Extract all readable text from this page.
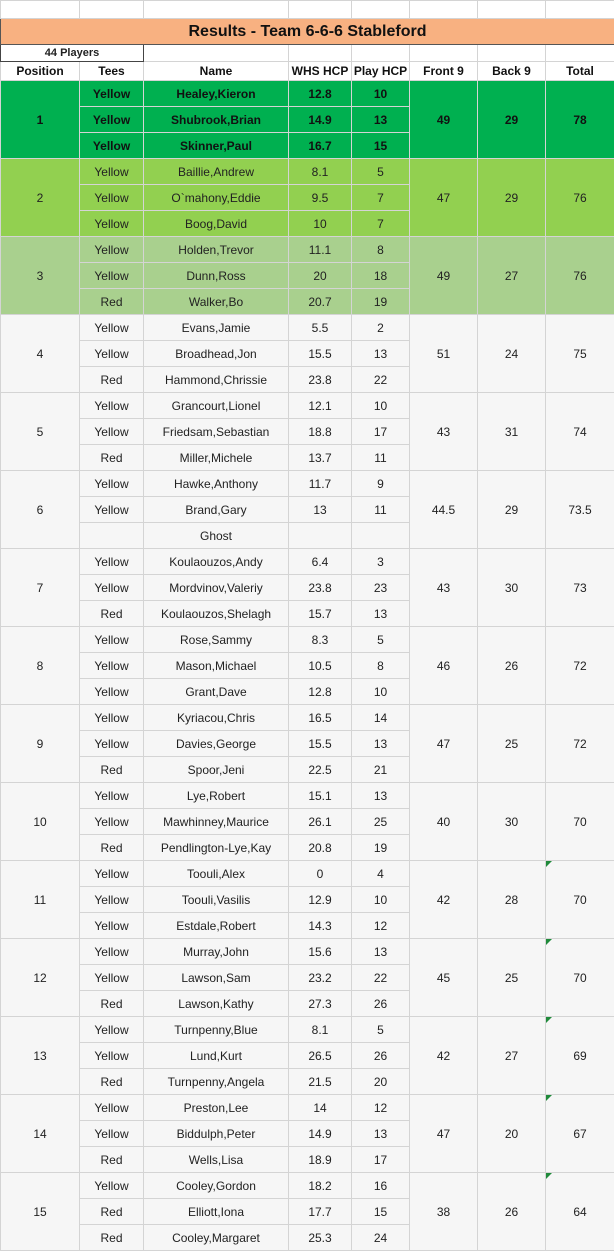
Results - Team 6-6-6 Stableford							
44 Players							
Position	Tees	Name	WHS HCP	Play HCP	Front 9	Back 9	Total
1	Yellow	Healey,Kieron	12.8	10	49	29	78
	Yellow	Shubrook,Brian	14.9	13			
	Yellow	Skinner,Paul	16.7	15			
2	Yellow	Baillie,Andrew	8.1	5	47	29	76
	Yellow	O`mahony,Eddie	9.5	7			
	Yellow	Boog,David	10	7			
3	Yellow	Holden,Trevor	11.1	8	49	27	76
	Yellow	Dunn,Ross	20	18			
	Red	Walker,Bo	20.7	19			
4	Yellow	Evans,Jamie	5.5	2	51	24	75
	Yellow	Broadhead,Jon	15.5	13			
	Red	Hammond,Chrissie	23.8	22			
5	Yellow	Grancourt,Lionel	12.1	10	43	31	74
	Yellow	Friedsam,Sebastian	18.8	17			
	Red	Miller,Michele	13.7	11			
6	Yellow	Hawke,Anthony	11.7	9	44.5	29	73.5
	Yellow	Brand,Gary	13	11			
		Ghost					
7	Yellow	Koulaouzos,Andy	6.4	3	43	30	73
	Yellow	Mordvinov,Valeriy	23.8	23			
	Red	Koulaouzos,Shelagh	15.7	13			
8	Yellow	Rose,Sammy	8.3	5	46	26	72
	Yellow	Mason,Michael	10.5	8			
	Yellow	Grant,Dave	12.8	10			
9	Yellow	Kyriacou,Chris	16.5	14	47	25	72
	Yellow	Davies,George	15.5	13			
	Red	Spoor,Jeni	22.5	21			
10	Yellow	Lye,Robert	15.1	13	40	30	70
	Yellow	Mawhinney,Maurice	26.1	25			
	Red	Pendlington-Lye,Kay	20.8	19			
11	Yellow	Toouli,Alex	0	4	42	28	70
	Yellow	Toouli,Vasilis	12.9	10			
	Yellow	Estdale,Robert	14.3	12			
12	Yellow	Murray,John	15.6	13	45	25	70
	Yellow	Lawson,Sam	23.2	22			
	Red	Lawson,Kathy	27.3	26			
13	Yellow	Turnpenny,Blue	8.1	5	42	27	69
	Yellow	Lund,Kurt	26.5	26			
	Red	Turnpenny,Angela	21.5	20			
14	Yellow	Preston,Lee	14	12	47	20	67
	Yellow	Biddulph,Peter	14.9	13			
	Red	Wells,Lisa	18.9	17			
15	Yellow	Cooley,Gordon	18.2	16	38	26	64
	Red	Elliott,Iona	17.7	15			
	Red	Cooley,Margaret	25.3	24			
